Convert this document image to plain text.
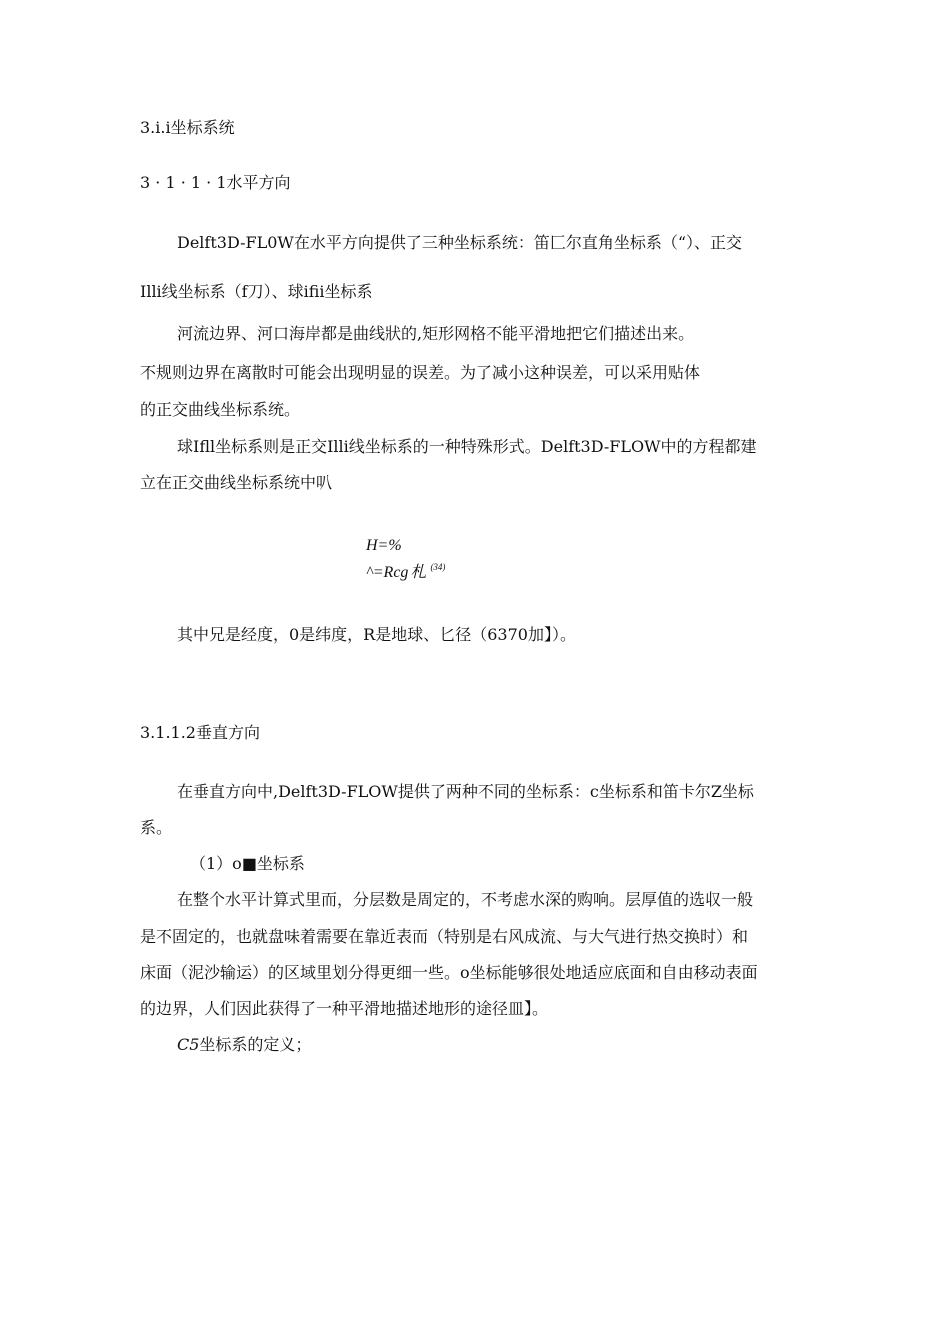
3.i.i坐标系统
3 · 1 · 1 · 1水平方向
Delft3D-FL0W在水平方向提供了三种坐标系统：笛匚尔直角坐标系（“）、正交
Illi线坐标系（f刀）、球ifii坐标系
河流边界、河口海岸都是曲线狀的,矩形网格不能平滑地把它们描述出来。
不规则边界在离散时可能会出现明显的误差。为了减小这种误差，可以采用贴体
的正交曲线坐标系统。
球Ifll坐标系则是正交Illi线坐标系的一种特殊形式。Delft3D-FLOW中的方程都建
立在正交曲线坐标系统中叭
H=%
^=Rcg 札 $^{(34)}$
其中兄是经度，0是纬度，R是地球、匕径（6370加】）。
3.1.1.2垂直方向
在垂直方向中,Delft3D-FLOW提供了两种不同的坐标系：c坐标系和笛卡尔Z坐标
系。
（1）o■坐标系
在整个水平计算式里而，分层数是周定的，不考虑水深的购响。层厚值的选収一般
是不固定的，也就盘味着需要在靠近表而（特别是右风成流、与大气进行热交换时）和
床面（泥沙输运）的区域里划分得更细一些。o坐标能够很处地适应底面和自由移动表面
的边界，人们因此获得了一种平滑地描述地形的途径皿】。
C5坐标系的定义；
